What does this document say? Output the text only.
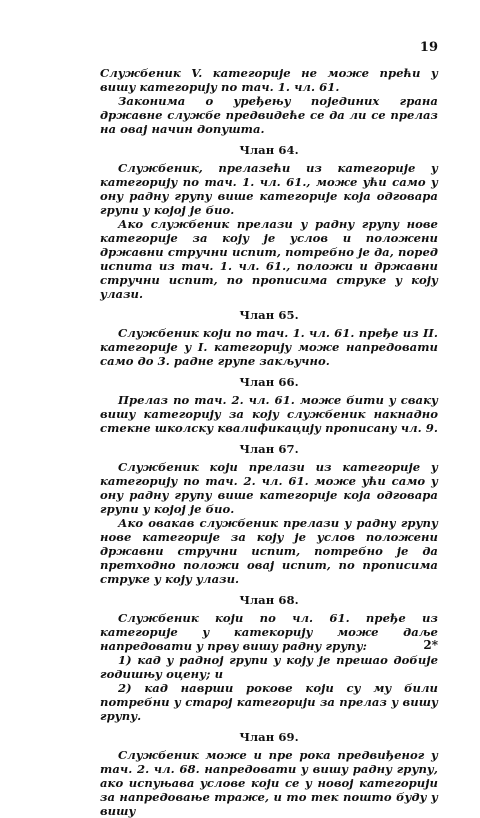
19

Службеник V. категорије не може прећи у вишу категорију по тач. 1. чл. 61.

Законима о уређењу појединих грана државне службе предвидеће се да ли се прелаз на овај начин допушта.

Члан 64.

Службеник, прелазећи из категорије у категорију по тач. 1. чл. 61., може ући само у ону радну групу више категорије која одговара групи у којој је био.

Ако службеник прелази у радну групу нове категорије за коју је услов и положени државни стручни испит, потребно је да, поред испита из тач. 1. чл. 61., положи и државни стручни испит, по прописима струке у коју улази.

Члан 65.

Службеник који по тач. 1. чл. 61. пређе из II. категорије у I. категорију може напредовати само до 3. радне групе закључно.

Члан 66.

Прелаз по тач. 2. чл. 61. може бити у сваку вишу категорију за коју службеник накнадно стекне школску квалификацију прописану чл. 9.

Члан 67.

Службеник који прелази из категорије у категорију по тач. 2. чл. 61. може ући само у ону радну групу више категорије која одговара групи у којој је био.

Ако овакав службеник прелази у радну групу нове категорије за коју је услов положени државни стручни испит, потребно је да претходно положи овај испит, по прописима струке у коју улази.

Члан 68.

Службеник који по чл. 61. пређе из категорије у катекорију може даље напредовати у прву вишу радну групу:

1) кад у радној групи у коју је прешао добије годишњу оцену; и

2) кад наврши рокове који су му били потребни у старој категорији за прелаз у вишу групу.

Члан 69.

Службеник може и пре рока предвиђеног у тач. 2. чл. 68. напредовати у вишу радну групу, ако испуњава услове који се у новој категорији за напредовање траже, и то тек пошто буду у вишу

2*
